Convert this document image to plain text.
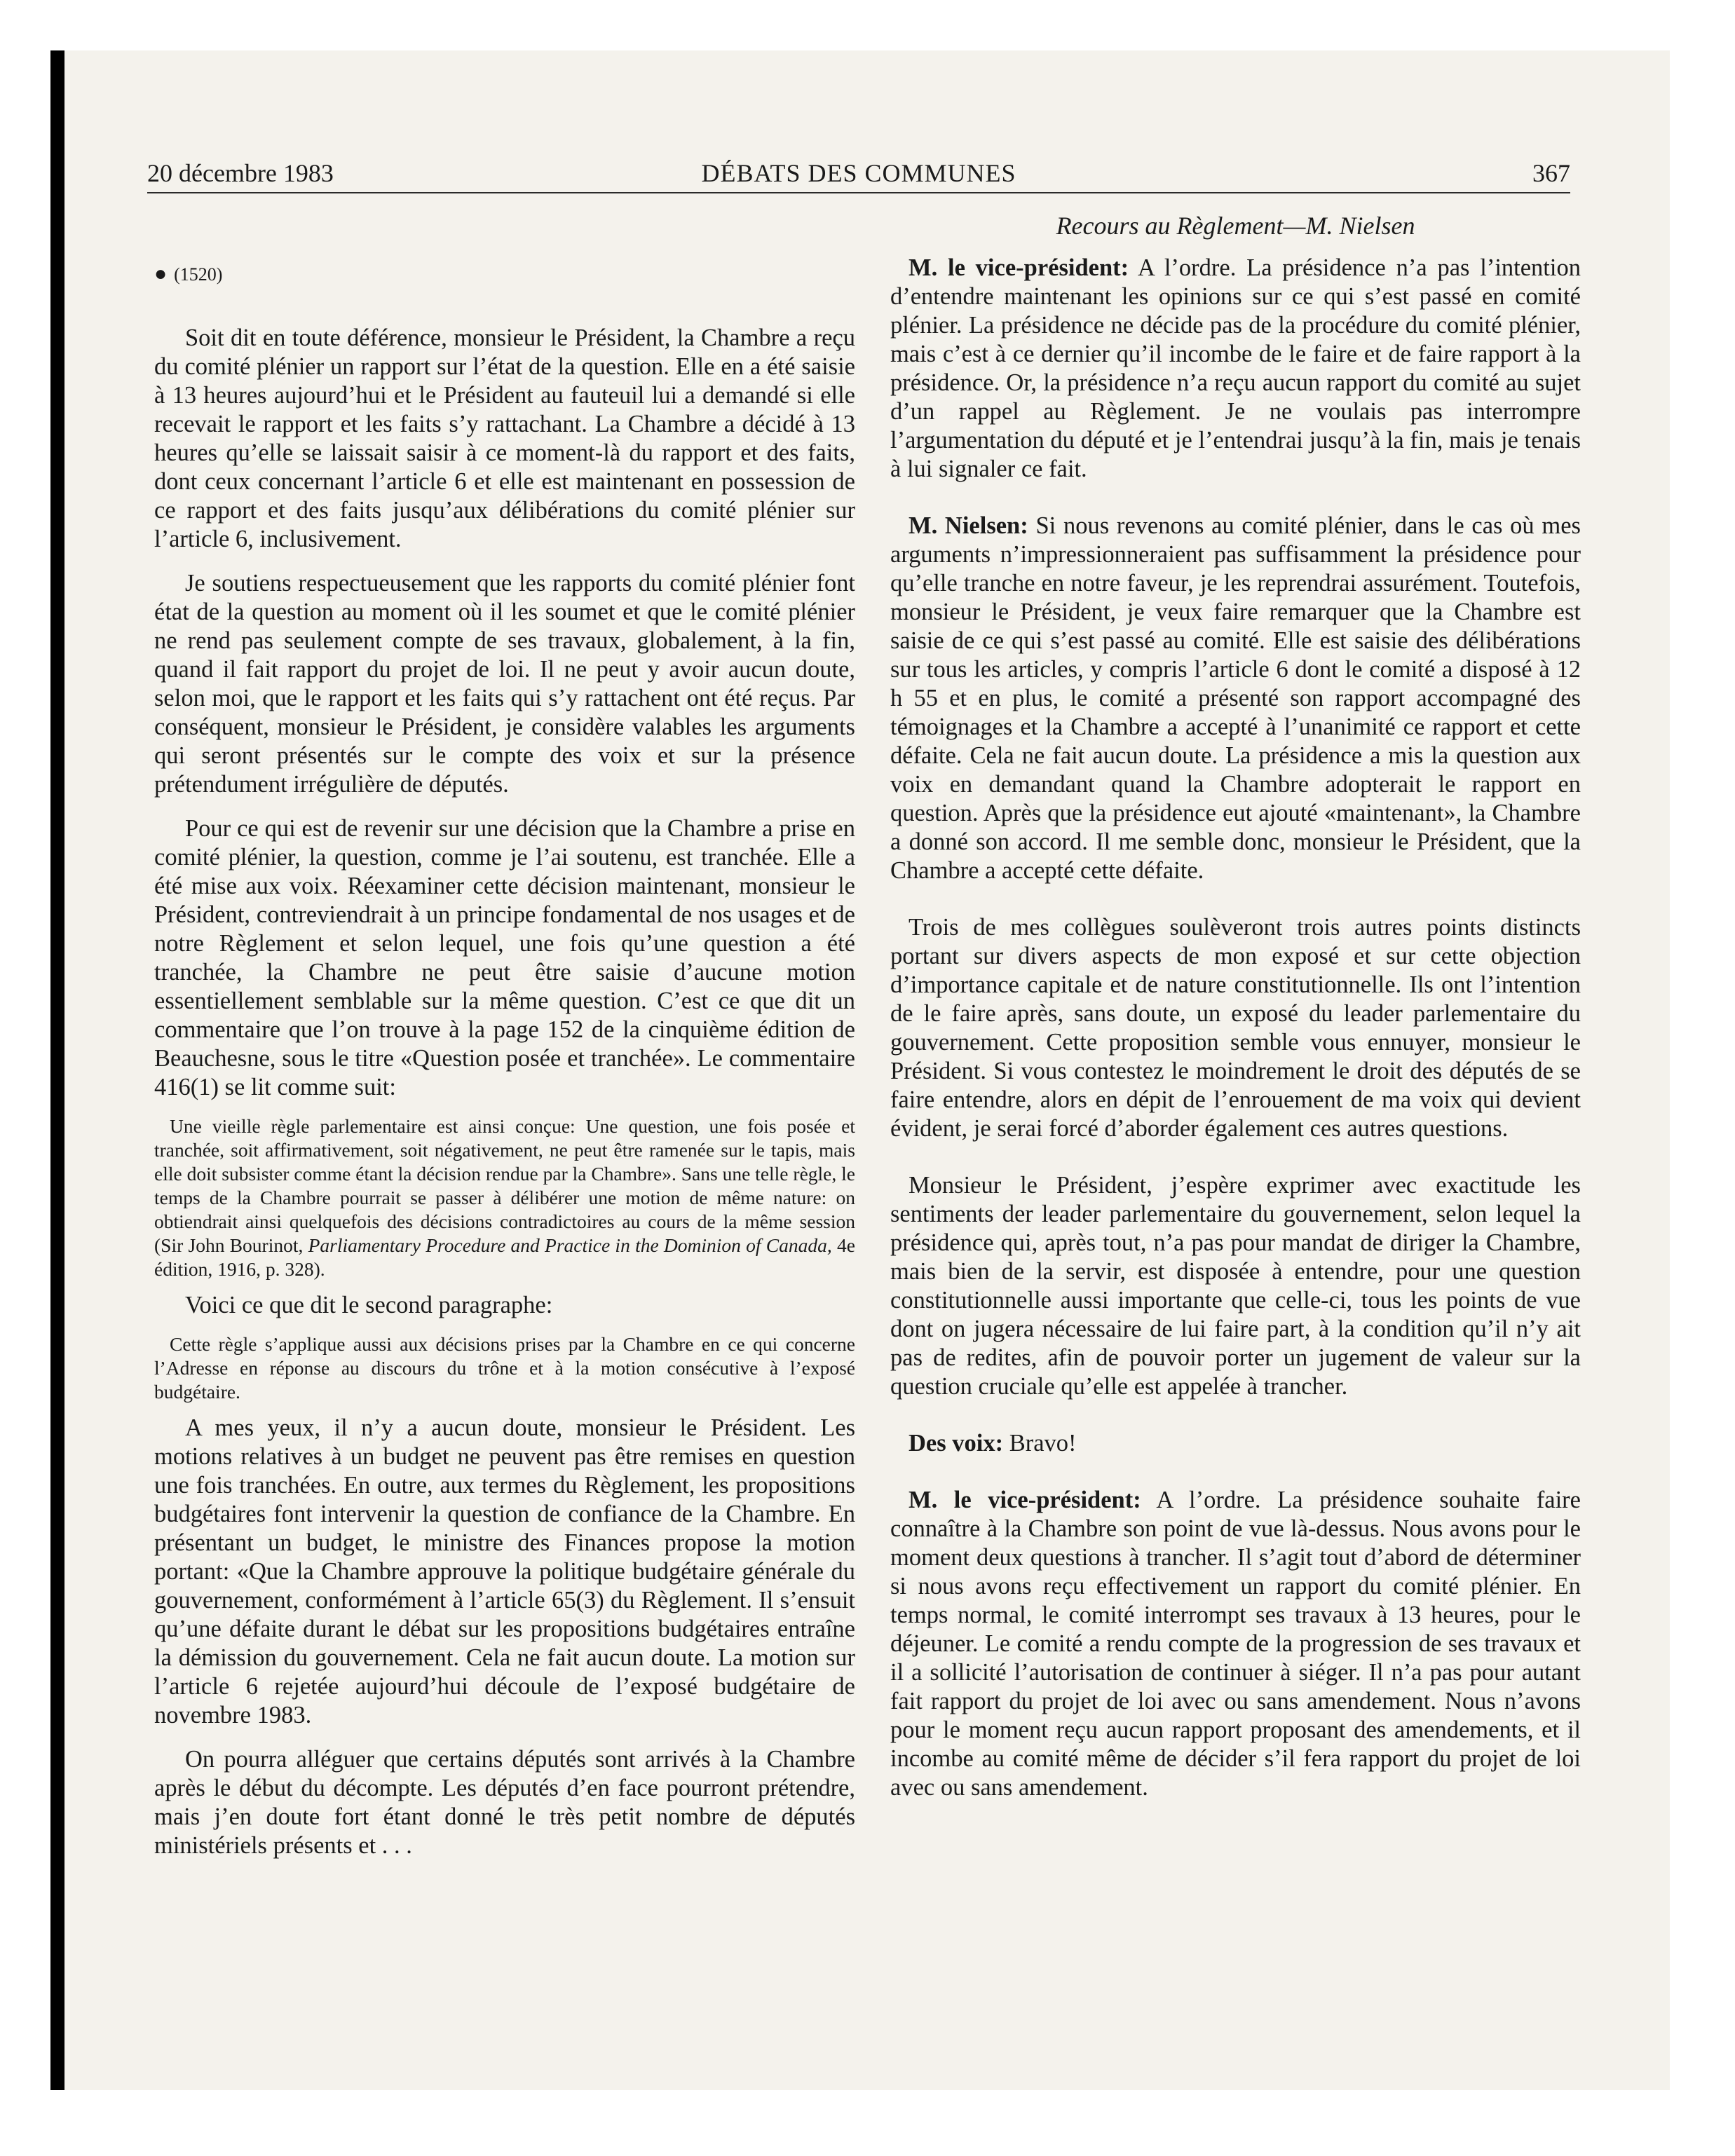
20 décembre 1983	DÉBATS DES COMMUNES	367
● (1520)

Soit dit en toute déférence, monsieur le Président, la Chambre a reçu du comité plénier un rapport sur l’état de la question. Elle en a été saisie à 13 heures aujourd’hui et le Président au fauteuil lui a demandé si elle recevait le rapport et les faits s’y rattachant. La Chambre a décidé à 13 heures qu’elle se laissait saisir à ce moment-là du rapport et des faits, dont ceux concernant l’article 6 et elle est maintenant en possession de ce rapport et des faits jusqu’aux délibérations du comité plénier sur l’article 6, inclusivement.

Je soutiens respectueusement que les rapports du comité plénier font état de la question au moment où il les soumet et que le comité plénier ne rend pas seulement compte de ses travaux, globalement, à la fin, quand il fait rapport du projet de loi. Il ne peut y avoir aucun doute, selon moi, que le rapport et les faits qui s’y rattachent ont été reçus. Par conséquent, monsieur le Président, je considère valables les arguments qui seront présentés sur le compte des voix et sur la présence prétendument irrégulière de députés.

Pour ce qui est de revenir sur une décision que la Chambre a prise en comité plénier, la question, comme je l’ai soutenu, est tranchée. Elle a été mise aux voix. Réexaminer cette décision maintenant, monsieur le Président, contreviendrait à un principe fondamental de nos usages et de notre Règlement et selon lequel, une fois qu’une question a été tranchée, la Chambre ne peut être saisie d’aucune motion essentiellement semblable sur la même question. C’est ce que dit un commentaire que l’on trouve à la page 152 de la cinquième édition de Beauchesne, sous le titre «Question posée et tranchée». Le commentaire 416(1) se lit comme suit:

Une vieille règle parlementaire est ainsi conçue: Une question, une fois posée et tranchée, soit affirmativement, soit négativement, ne peut être ramenée sur le tapis, mais elle doit subsister comme étant la décision rendue par la Chambre». Sans une telle règle, le temps de la Chambre pourrait se passer à délibérer une motion de même nature: on obtiendrait ainsi quelquefois des décisions contradictoires au cours de la même session (Sir John Bourinot, Parliamentary Procedure and Practice in the Dominion of Canada, 4e édition, 1916, p. 328).

Voici ce que dit le second paragraphe:

Cette règle s’applique aussi aux décisions prises par la Chambre en ce qui concerne l’Adresse en réponse au discours du trône et à la motion consécutive à l’exposé budgétaire.

A mes yeux, il n’y a aucun doute, monsieur le Président. Les motions relatives à un budget ne peuvent pas être remises en question une fois tranchées. En outre, aux termes du Règlement, les propositions budgétaires font intervenir la question de confiance de la Chambre. En présentant un budget, le ministre des Finances propose la motion portant: «Que la Chambre approuve la politique budgétaire générale du gouvernement, conformément à l’article 65(3) du Règlement. Il s’ensuit qu’une défaite durant le débat sur les propositions budgétaires entraîne la démission du gouvernement. Cela ne fait aucun doute. La motion sur l’article 6 rejetée aujourd’hui découle de l’exposé budgétaire de novembre 1983.

On pourra alléguer que certains députés sont arrivés à la Chambre après le début du décompte. Les députés d’en face pourront prétendre, mais j’en doute fort étant donné le très petit nombre de députés ministériels présents et . . .

Recours au Règlement—M. Nielsen

M. le vice-président: A l’ordre. La présidence n’a pas l’intention d’entendre maintenant les opinions sur ce qui s’est passé en comité plénier. La présidence ne décide pas de la procédure du comité plénier, mais c’est à ce dernier qu’il incombe de le faire et de faire rapport à la présidence. Or, la présidence n’a reçu aucun rapport du comité au sujet d’un rappel au Règlement. Je ne voulais pas interrompre l’argumentation du député et je l’entendrai jusqu’à la fin, mais je tenais à lui signaler ce fait.

M. Nielsen: Si nous revenons au comité plénier, dans le cas où mes arguments n’impressionneraient pas suffisamment la présidence pour qu’elle tranche en notre faveur, je les reprendrai assurément. Toutefois, monsieur le Président, je veux faire remarquer que la Chambre est saisie de ce qui s’est passé au comité. Elle est saisie des délibérations sur tous les articles, y compris l’article 6 dont le comité a disposé à 12 h 55 et en plus, le comité a présenté son rapport accompagné des témoignages et la Chambre a accepté à l’unanimité ce rapport et cette défaite. Cela ne fait aucun doute. La présidence a mis la question aux voix en demandant quand la Chambre adopterait le rapport en question. Après que la présidence eut ajouté «maintenant», la Chambre a donné son accord. Il me semble donc, monsieur le Président, que la Chambre a accepté cette défaite.

Trois de mes collègues soulèveront trois autres points distincts portant sur divers aspects de mon exposé et sur cette objection d’importance capitale et de nature constitutionnelle. Ils ont l’intention de le faire après, sans doute, un exposé du leader parlementaire du gouvernement. Cette proposition semble vous ennuyer, monsieur le Président. Si vous contestez le moindrement le droit des députés de se faire entendre, alors en dépit de l’enrouement de ma voix qui devient évident, je serai forcé d’aborder également ces autres questions.

Monsieur le Président, j’espère exprimer avec exactitude les sentiments der leader parlementaire du gouvernement, selon lequel la présidence qui, après tout, n’a pas pour mandat de diriger la Chambre, mais bien de la servir, est disposée à entendre, pour une question constitutionnelle aussi importante que celle-ci, tous les points de vue dont on jugera nécessaire de lui faire part, à la condition qu’il n’y ait pas de redites, afin de pouvoir porter un jugement de valeur sur la question cruciale qu’elle est appelée à trancher.

Des voix: Bravo!

M. le vice-président: A l’ordre. La présidence souhaite faire connaître à la Chambre son point de vue là-dessus. Nous avons pour le moment deux questions à trancher. Il s’agit tout d’abord de déterminer si nous avons reçu effectivement un rapport du comité plénier. En temps normal, le comité interrompt ses travaux à 13 heures, pour le déjeuner. Le comité a rendu compte de la progression de ses travaux et il a sollicité l’autorisation de continuer à siéger. Il n’a pas pour autant fait rapport du projet de loi avec ou sans amendement. Nous n’avons pour le moment reçu aucun rapport proposant des amendements, et il incombe au comité même de décider s’il fera rapport du projet de loi avec ou sans amendement.
